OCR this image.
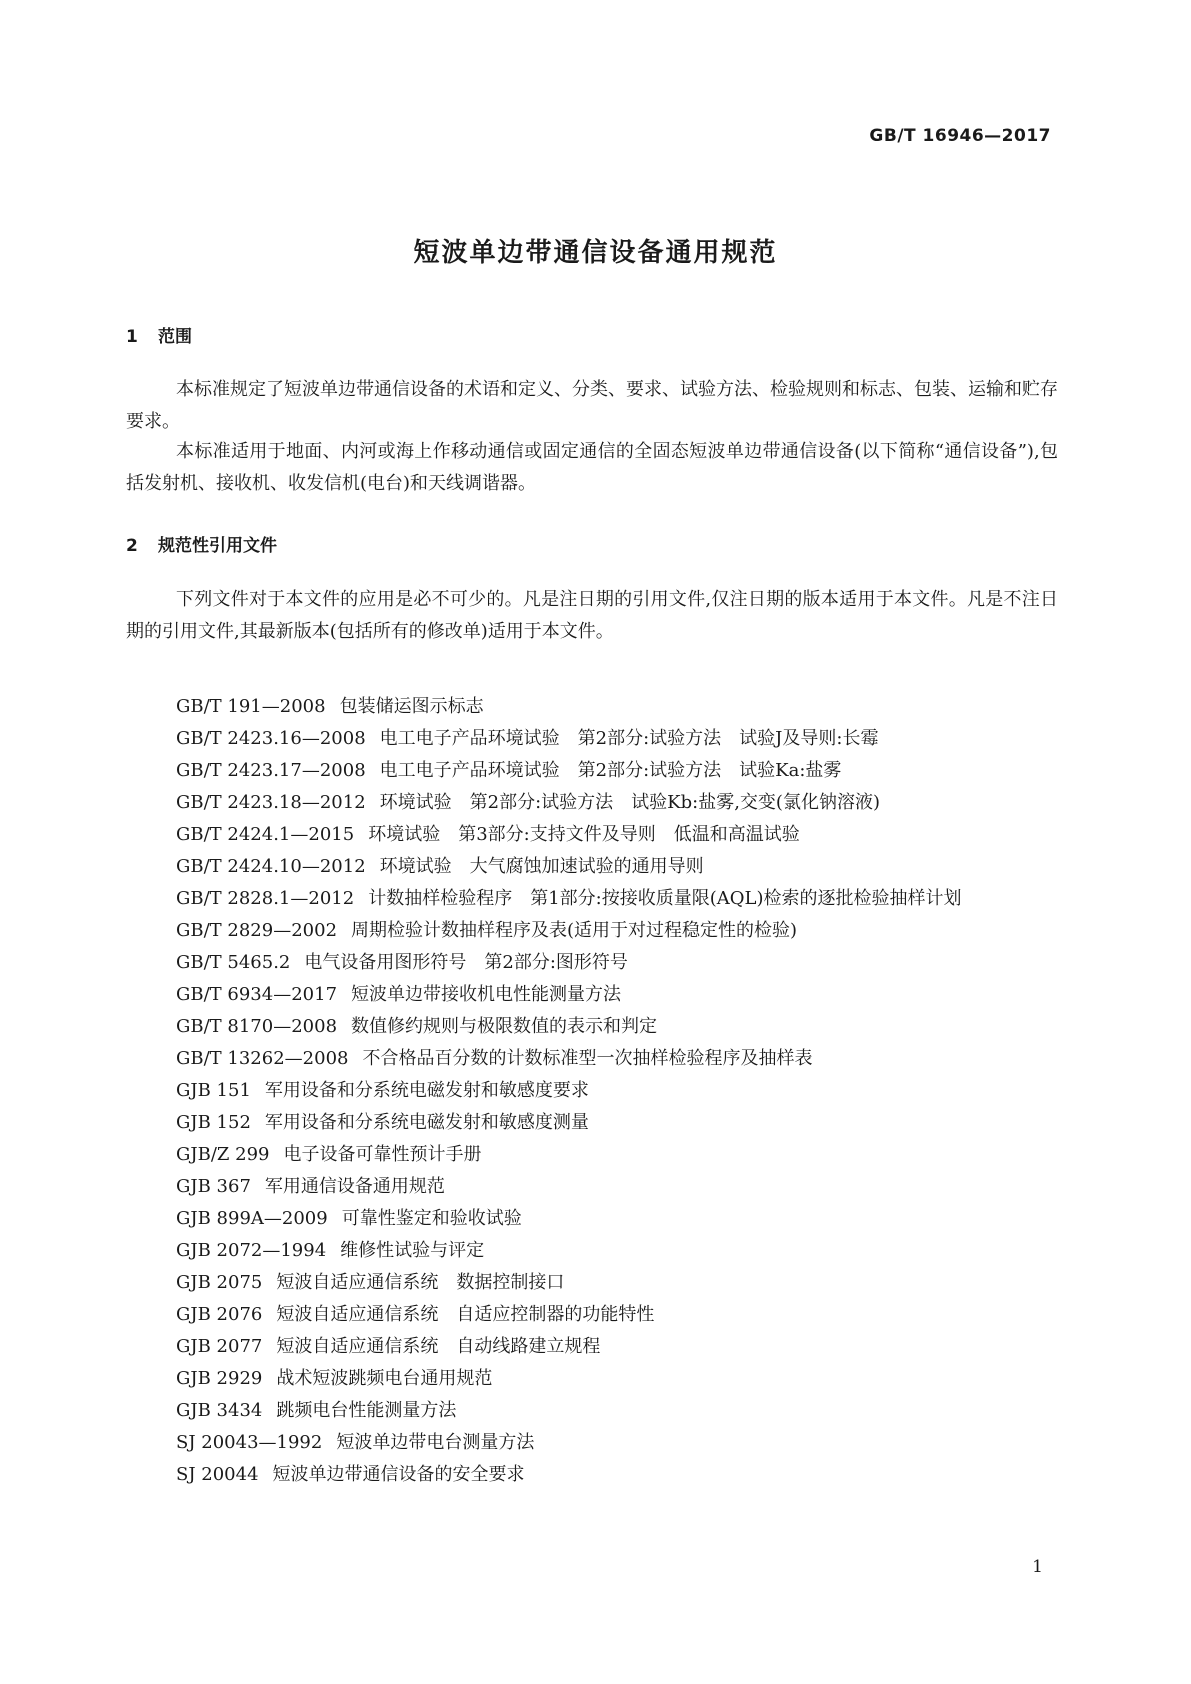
GB/T 16946—2017
短波单边带通信设备通用规范
1 范围
本标准规定了短波单边带通信设备的术语和定义、分类、要求、试验方法、检验规则和标志、包装、运输和贮存要求。
本标准适用于地面、内河或海上作移动通信或固定通信的全固态短波单边带通信设备(以下简称“通信设备”),包括发射机、接收机、收发信机(电台)和天线调谐器。
2 规范性引用文件
下列文件对于本文件的应用是必不可少的。凡是注日期的引用文件,仅注日期的版本适用于本文件。凡是不注日期的引用文件,其最新版本(包括所有的修改单)适用于本文件。
GB/T 191—2008 包装储运图示标志
GB/T 2423.16—2008 电工电子产品环境试验　第2部分:试验方法　试验J及导则:长霉
GB/T 2423.17—2008 电工电子产品环境试验　第2部分:试验方法　试验Ka:盐雾
GB/T 2423.18—2012 环境试验　第2部分:试验方法　试验Kb:盐雾,交变(氯化钠溶液)
GB/T 2424.1—2015 环境试验　第3部分:支持文件及导则　低温和高温试验
GB/T 2424.10—2012 环境试验　大气腐蚀加速试验的通用导则
GB/T 2828.1—2012 计数抽样检验程序　第1部分:按接收质量限(AQL)检索的逐批检验抽样计划
GB/T 2829—2002 周期检验计数抽样程序及表(适用于对过程稳定性的检验)
GB/T 5465.2 电气设备用图形符号　第2部分:图形符号
GB/T 6934—2017 短波单边带接收机电性能测量方法
GB/T 8170—2008 数值修约规则与极限数值的表示和判定
GB/T 13262—2008 不合格品百分数的计数标准型一次抽样检验程序及抽样表
GJB 151 军用设备和分系统电磁发射和敏感度要求
GJB 152 军用设备和分系统电磁发射和敏感度测量
GJB/Z 299 电子设备可靠性预计手册
GJB 367 军用通信设备通用规范
GJB 899A—2009 可靠性鉴定和验收试验
GJB 2072—1994 维修性试验与评定
GJB 2075 短波自适应通信系统　数据控制接口
GJB 2076 短波自适应通信系统　自适应控制器的功能特性
GJB 2077 短波自适应通信系统　自动线路建立规程
GJB 2929 战术短波跳频电台通用规范
GJB 3434 跳频电台性能测量方法
SJ 20043—1992 短波单边带电台测量方法
SJ 20044 短波单边带通信设备的安全要求
1
